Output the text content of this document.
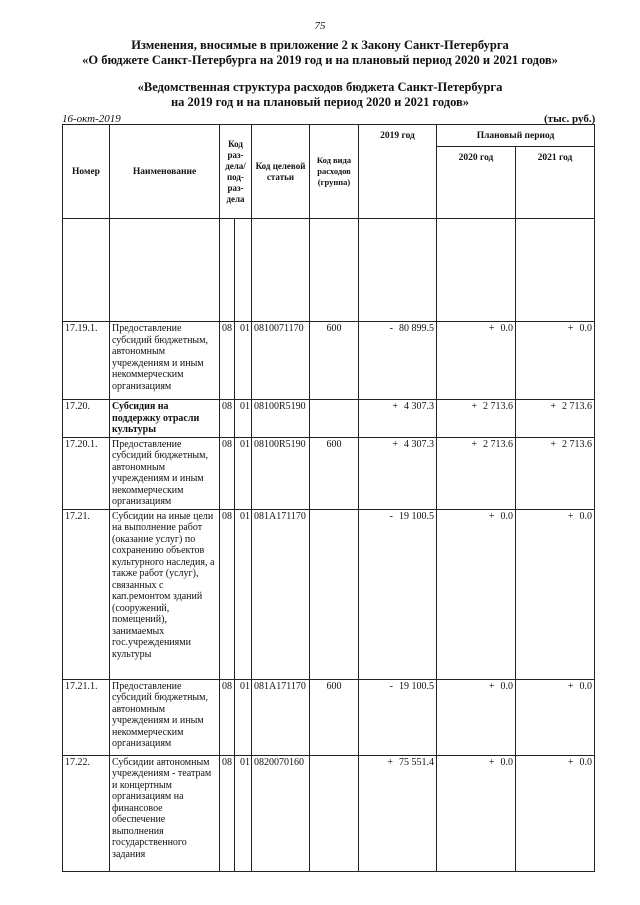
75
Изменения, вносимые в приложение 2 к Закону Санкт-Петербурга
«О бюджете Санкт-Петербурга на 2019 год и на плановый период 2020 и 2021 годов»
«Ведомственная структура расходов бюджета Санкт-Петербурга
на 2019 год и на плановый период 2020 и 2021 годов»
16-окт-2019	(тыс. руб.)
Номер	Наименование	Код раз- дела/ под- раз- дела		Код целевой статьи	Код вида расходов (группа)	2019 год	Плановый период	
							2020 год	2021 год

17.19.1.	Предоставление субсидий бюджетным, автономным учреждениям и иным некоммерческим организациям	08	01	0810071170	600	- 80 899.5	+ 0.0	+ 0.0
17.20.	Субсидия на поддержку отрасли культуры	08	01	08100R5190		+ 4 307.3	+ 2 713.6	+ 2 713.6
17.20.1.	Предоставление субсидий бюджетным, автономным учреждениям и иным некоммерческим организациям	08	01	08100R5190	600	+ 4 307.3	+ 2 713.6	+ 2 713.6
17.21.	Субсидии на иные цели на выполнение работ (оказание услуг) по сохранению объектов культурного наследия, а также работ (услуг), связанных с кап.ремонтом зданий (сооружений, помещений), занимаемых гос.учреждениями культуры	08	01	081А171170		- 19 100.5	+ 0.0	+ 0.0
17.21.1.	Предоставление субсидий бюджетным, автономным учреждениям и иным некоммерческим организациям	08	01	081А171170	600	- 19 100.5	+ 0.0	+ 0.0
17.22.	Субсидии автономным учреждениям - театрам и концертным организациям на финансовое обеспечение выполнения государственного задания	08	01	0820070160		+ 75 551.4	+ 0.0	+ 0.0
